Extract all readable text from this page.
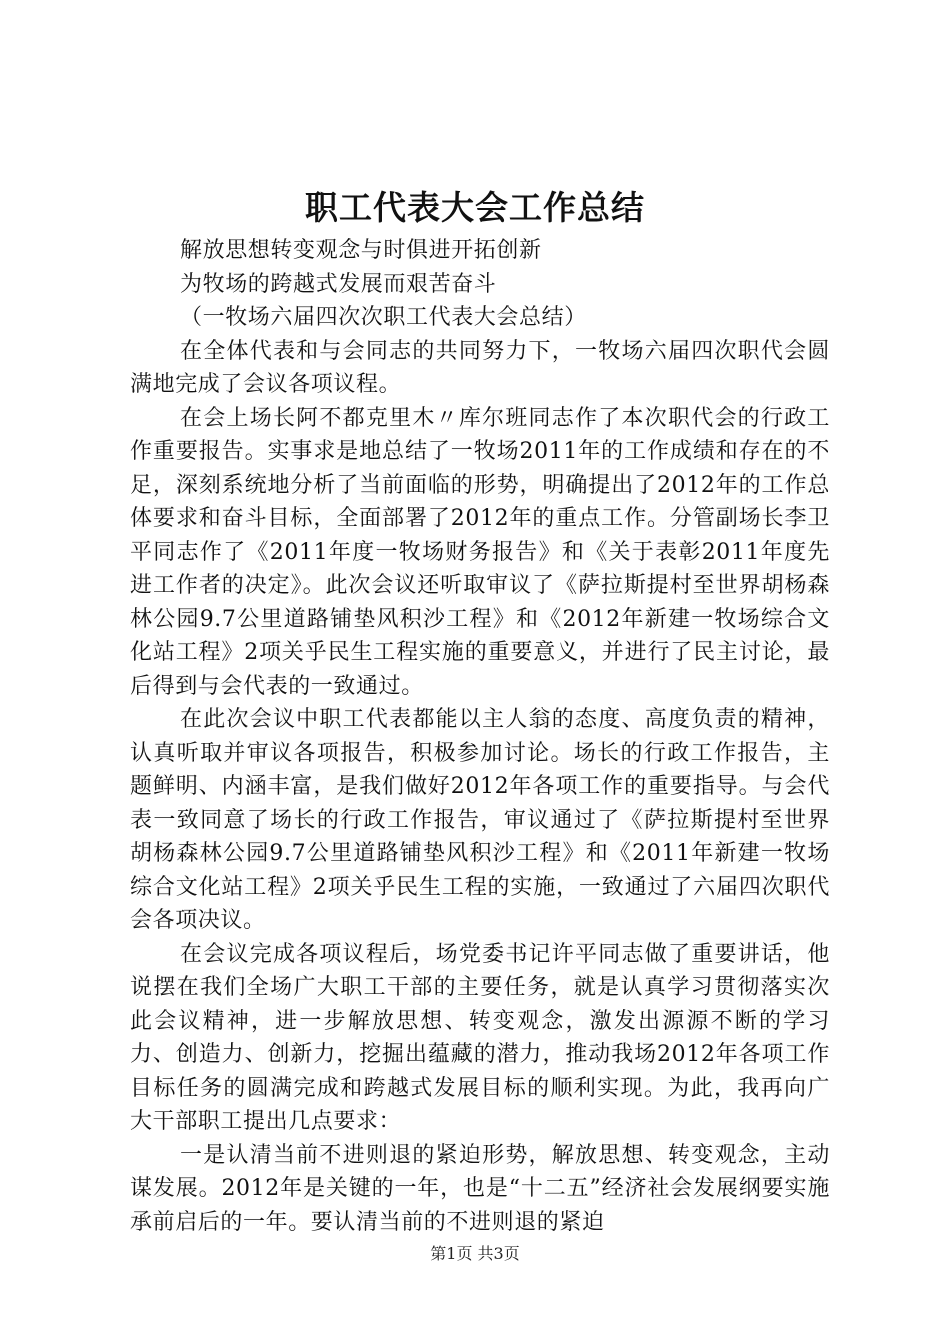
职工代表大会工作总结

解放思想转变观念与时俱进开拓创新

为牧场的跨越式发展而艰苦奋斗

（一牧场六届四次次职工代表大会总结）

在全体代表和与会同志的共同努力下，一牧场六届四次职代会圆满地完成了会议各项议程。

在会上场长阿不都克里木〃库尔班同志作了本次职代会的行政工作重要报告。实事求是地总结了一牧场2011年的工作成绩和存在的不足，深刻系统地分析了当前面临的形势，明确提出了2012年的工作总体要求和奋斗目标，全面部署了2012年的重点工作。分管副场长李卫平同志作了《2011年度一牧场财务报告》和《关于表彰2011年度先进工作者的决定》。此次会议还听取审议了《萨拉斯提村至世界胡杨森林公园9.7公里道路铺垫风积沙工程》和《2012年新建一牧场综合文化站工程》2项关乎民生工程实施的重要意义，并进行了民主讨论，最后得到与会代表的一致通过。

在此次会议中职工代表都能以主人翁的态度、高度负责的精神，认真听取并审议各项报告，积极参加讨论。场长的行政工作报告，主题鲜明、内涵丰富，是我们做好2012年各项工作的重要指导。与会代表一致同意了场长的行政工作报告，审议通过了《萨拉斯提村至世界胡杨森林公园9.7公里道路铺垫风积沙工程》和《2011年新建一牧场综合文化站工程》2项关乎民生工程的实施，一致通过了六届四次职代会各项决议。

在会议完成各项议程后，场党委书记许平同志做了重要讲话，他说摆在我们全场广大职工干部的主要任务，就是认真学习贯彻落实次此会议精神，进一步解放思想、转变观念，激发出源源不断的学习力、创造力、创新力，挖掘出蕴藏的潜力，推动我场2012年各项工作目标任务的圆满完成和跨越式发展目标的顺利实现。为此，我再向广大干部职工提出几点要求：

一是认清当前不进则退的紧迫形势，解放思想、转变观念，主动谋发展。2012年是关键的一年，也是“十二五”经济社会发展纲要实施承前启后的一年。要认清当前的不进则退的紧迫

第1页 共3页
